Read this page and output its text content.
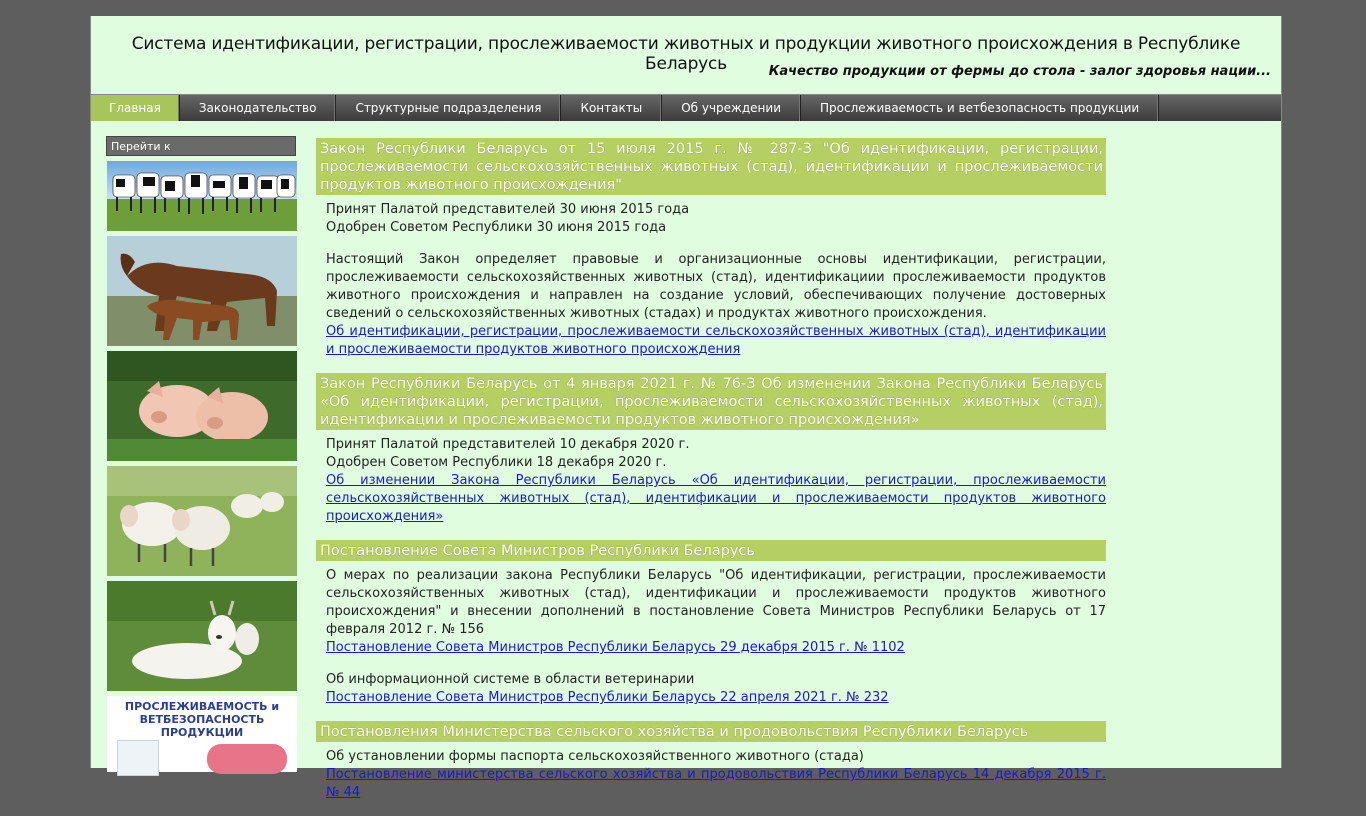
Система идентификации, регистрации, прослеживаемости животных и продукции животного происхождения в Республике Беларусь	Качество продукции от фермы до стола - залог здоровья нации...
Главная	Законодательство	Структурные подразделения	Контакты	Об учреждении	Прослеживаемость и ветбезопасность продукции
Перейти к
ПРОСЛЕЖИВАЕМОСТЬ и
ВЕТБЕЗОПАСНОСТЬ ПРОДУКЦИИ
Закон Республики Беларусь от 15 июля 2015 г. № 287-З "Об идентификации, регистрации, прослеживаемости сельскохозяйственных животных (стад), идентификации и прослеживаемости продуктов животного происхождения"

Принят Палатой представителей 30 июня 2015 года

Одобрен Советом Республики 30 июня 2015 года

Настоящий Закон определяет правовые и организационные основы идентификации, регистрации, прослеживаемости сельскохозяйственных животных (стад), идентификациии прослеживаемости продуктов животного происхождения и направлен на создание условий, обеспечивающих получение достоверных сведений о сельскохозяйственных животных (стадах) и продуктах животного происхождения.

Об идентификации, регистрации, прослеживаемости сельскохозяйственных животных (стад), идентификации и прослеживаемости продуктов животного происхождения

Закон Республики Беларусь от 4 января 2021 г. № 76-З Об изменении Закона Республики Беларусь «Об идентификации, регистрации, прослеживаемости сельскохозяйственных животных (стад), идентификации и прослеживаемости продуктов животного происхождения»

Принят Палатой представителей 10 декабря 2020 г.

Одобрен Советом Республики 18 декабря 2020 г.

Об изменении Закона Республики Беларусь «Об идентификации, регистрации, прослеживаемости сельскохозяйственных животных (стад), идентификации и прослеживаемости продуктов животного происхождения»

Постановление Совета Министров Республики Беларусь

О мерах по реализации закона Республики Беларусь "Об идентификации, регистрации, прослеживаемости сельскохозяйственных животных (стад), идентификации и прослеживаемости продуктов животного происхождения" и внесении дополнений в постановление Совета Министров Республики Беларусь от 17 февраля 2012 г. № 156

Постановление Совета Министров Республики Беларусь 29 декабря 2015 г. № 1102

Об информационной системе в области ветеринарии

Постановление Совета Министров Республики Беларусь 22 апреля 2021 г. № 232

Постановления Министерства сельского хозяйства и продовольствия Республики Беларусь

Об установлении формы паспорта сельскохозяйственного животного (стада)

Постановление министерства сельского хозяйства и продовольствия Республики Беларусь 14 декабря 2015 г. № 44
